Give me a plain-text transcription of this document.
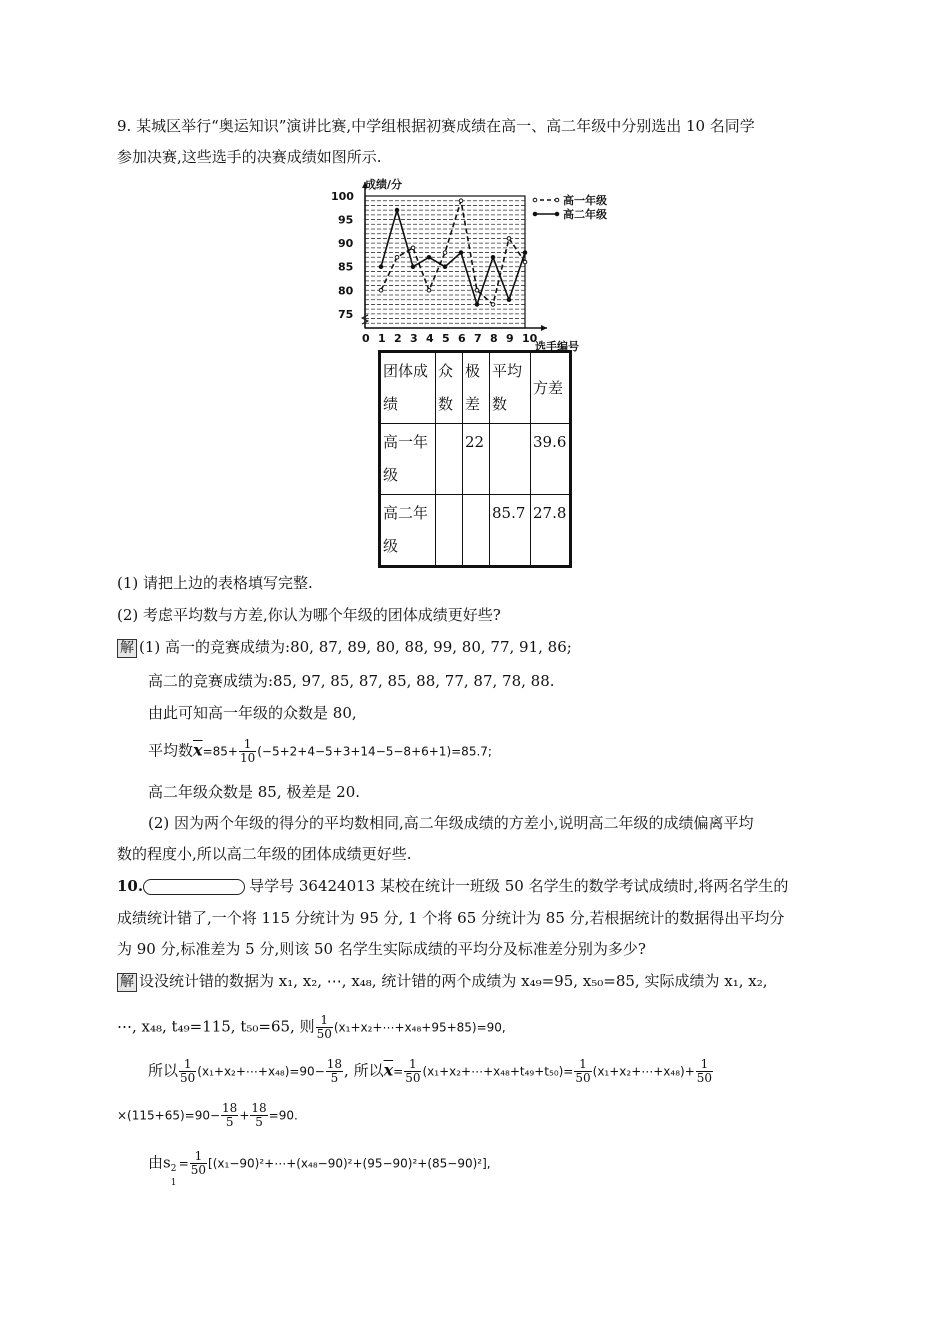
9. 某城区举行“奥运知识”演讲比赛,中学组根据初赛成绩在高一、高二年级中分别选出 10 名同学
参加决赛,这些选手的决赛成绩如图所示.
0 1 2 3 4 5 6 7 8 9 10
75
80
85
90
95
100	高一年级
高二年级
成绩/分
选手编号
团体成绩	众数	极差	平均数	方差
高一年级		22		39.6
高二年级			85.7	27.8
(1) 请把上边的表格填写完整.
(2) 考虑平均数与方差,你认为哪个年级的团体成绩更好些?
解 (1) 高一的竞赛成绩为:80, 87, 89, 80, 88, 99, 80, 77, 91, 86;
高二的竞赛成绩为:85, 97, 85, 87, 85, 88, 77, 87, 78, 88.
由此可知高一年级的众数是 80,
平均数$\overline{x}=85+ \frac{1}{10} (-5+2+4-5+3+14-5-8+6+1)=85.7$;
高二年级众数是 85, 极差是 20.
(2) 因为两个年级的得分的平均数相同,高二年级成绩的方差小,说明高二年级的成绩偏离平均
数的程度小,所以高二年级的团体成绩更好些.
10.	导学号 36424013 某校在统计一班级 50 名学生的数学考试成绩时,将两名学生的
成绩统计错了,一个将 115 分统计为 95 分, 1 个将 65 分统计为 85 分,若根据统计的数据得出平均分
为 90 分,标准差为 5 分,则该 50 名学生实际成绩的平均分及标准差分别为多少?
解 设没统计错的数据为 x₁, x₂, ⋯, x₄₈, 统计错的两个成绩为 x₄₉=95, x₅₀=85, 实际成绩为 x₁, x₂,
⋯, x₄₈, t₄₉=115, t₅₀=65, 则 $\frac{1}{50}$ (x₁+x₂+⋯+x₄₈+95+85)=90,
所以 $\frac{1}{50}$ (x₁+x₂+⋯+x₄₈)=90− $\frac{18}{5}$ , 所以$\overline{x}= \frac{1}{50}$ (x₁+x₂+⋯+x₄₈+t₄₉+t₅₀)= $\frac{1}{50}$ (x₁+x₂+⋯+x₄₈)+ $\frac{1}{50}$
$\times(115+65)=90- \frac{18}{5} + \frac{18}{5} =90$.
由s 2
1
= $\frac{1}{50}$ [(x₁−90)²+⋯+(x₄₈−90)²+(95−90)²+(85−90)²],
